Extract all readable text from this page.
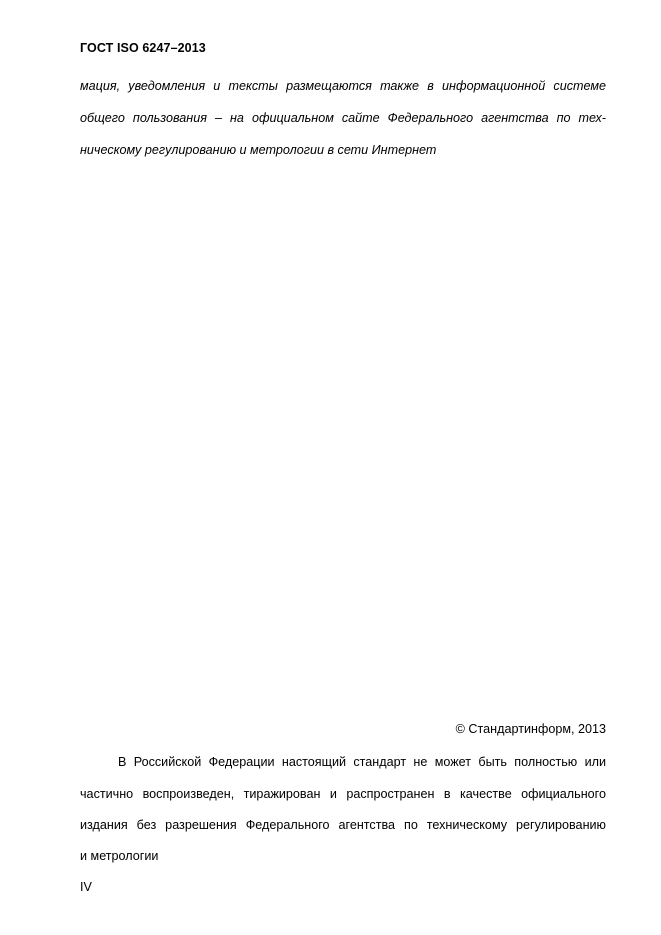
ГОСТ ISO 6247–2013
мация, уведомления и тексты размещаются также в информационной системе
общего пользования – на официальном сайте Федерального агентства по тех-
ническому регулированию и метрологии в сети Интернет
© Стандартинформ, 2013
В Российской Федерации настоящий стандарт не может быть полностью или
частично воспроизведен, тиражирован и распространен в качестве официального
издания без разрешения Федерального агентства по техническому регулированию
и метрологии
IV
